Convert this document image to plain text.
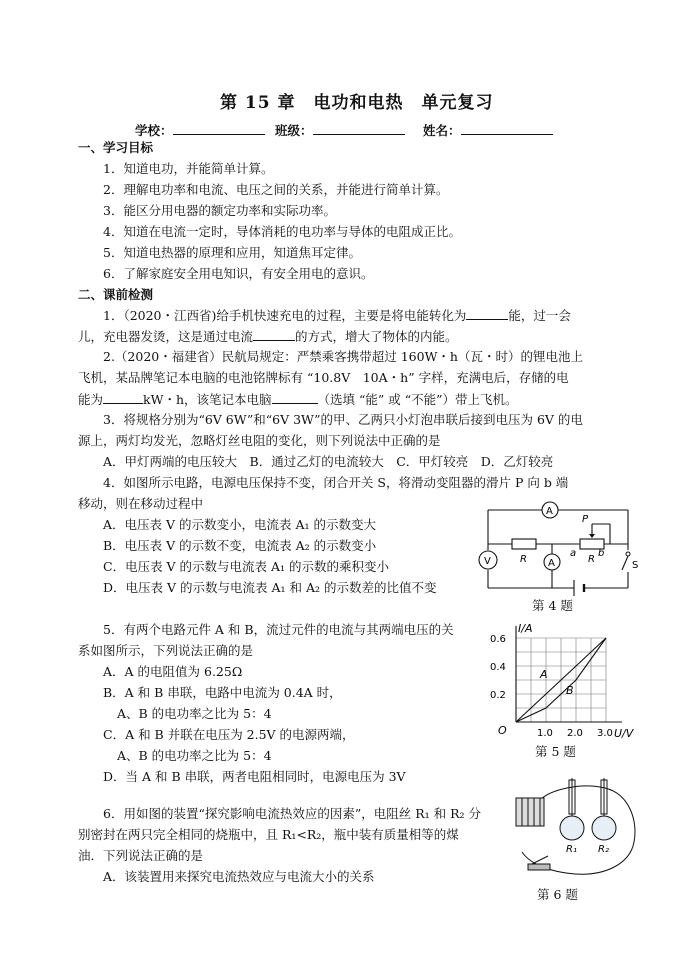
第 15 章　电功和电热　单元复习
学校：	班级：	姓名：
一、学习目标
1．知道电功，并能简单计算。
2．理解电功率和电流、电压之间的关系，并能进行简单计算。
3．能区分用电器的额定功率和实际功率。
4．知道在电流一定时，导体消耗的电功率与导体的电阻成正比。
5．知道电热器的原理和应用，知道焦耳定律。
6．了解家庭安全用电知识，有安全用电的意识。
二、课前检测
1．（2020・江西省)给手机快速充电的过程，主要是将电能转化为	能，过一会
儿，充电器发烫，这是通过电流	的方式，增大了物体的内能。
2.（2020・福建省）民航局规定：严禁乘客携带超过 160W・h（瓦・时）的锂电池上
飞机，某品牌笔记本电脑的电池铭牌标有 “10.8V　10A・h” 字样，充满电后，存储的电
能为	kW・h，该笔记本电脑	（选填 “能” 或 “不能”）带上飞机。
3．将规格分别为“6V 6W”和“6V 3W”的甲、乙两只小灯泡串联后接到电压为 6V 的电
源上，两灯均发光，忽略灯丝电阻的变化，则下列说法中正确的是
A．甲灯两端的电压较大　B．通过乙灯的电流较大　C．甲灯较亮　D．乙灯较亮
4．如图所示电路，电源电压保持不变，闭合开关 S，将滑动变阻器的滑片 P 向 b 端
移动，则在移动过程中
A．电压表 V 的示数变小，电流表 A₁ 的示数变大
B．电压表 V 的示数不变，电流表 A₂ 的示数变小
C．电压表 V 的示数与电流表 A₁ 的示数的乘积变小
D．电压表 V 的示数与电流表 A₁ 和 A₂ 的示数差的比值不变
A
V	A
R	R
P
a b
S
第 4 题
5．有两个电路元件 A 和 B，流过元件的电流与其两端电压的关
系如图所示，下列说法正确的是
A．A 的电阻值为 6.25Ω
B．A 和 B 串联，电路中电流为 0.4A 时，
A、B 的电功率之比为 5：4
C．A 和 B 并联在电压为 2.5V 的电源两端，
A、B 的电功率之比为 5：4
D．当 A 和 B 串联，两者电阻相同时，电源电压为 3V
I/A
U/V
O
0.6
0.4
0.2
1.0 2.0 3.0
A
B
第 5 题
6．用如图的装置“探究影响电流热效应的因素”，电阻丝 R₁ 和 R₂ 分
别密封在两只完全相同的烧瓶中，且 R₁<R₂，瓶中装有质量相等的煤
油．下列说法正确的是
A．该装置用来探究电流热效应与电流大小的关系
R₁ R₂
第 6 题
